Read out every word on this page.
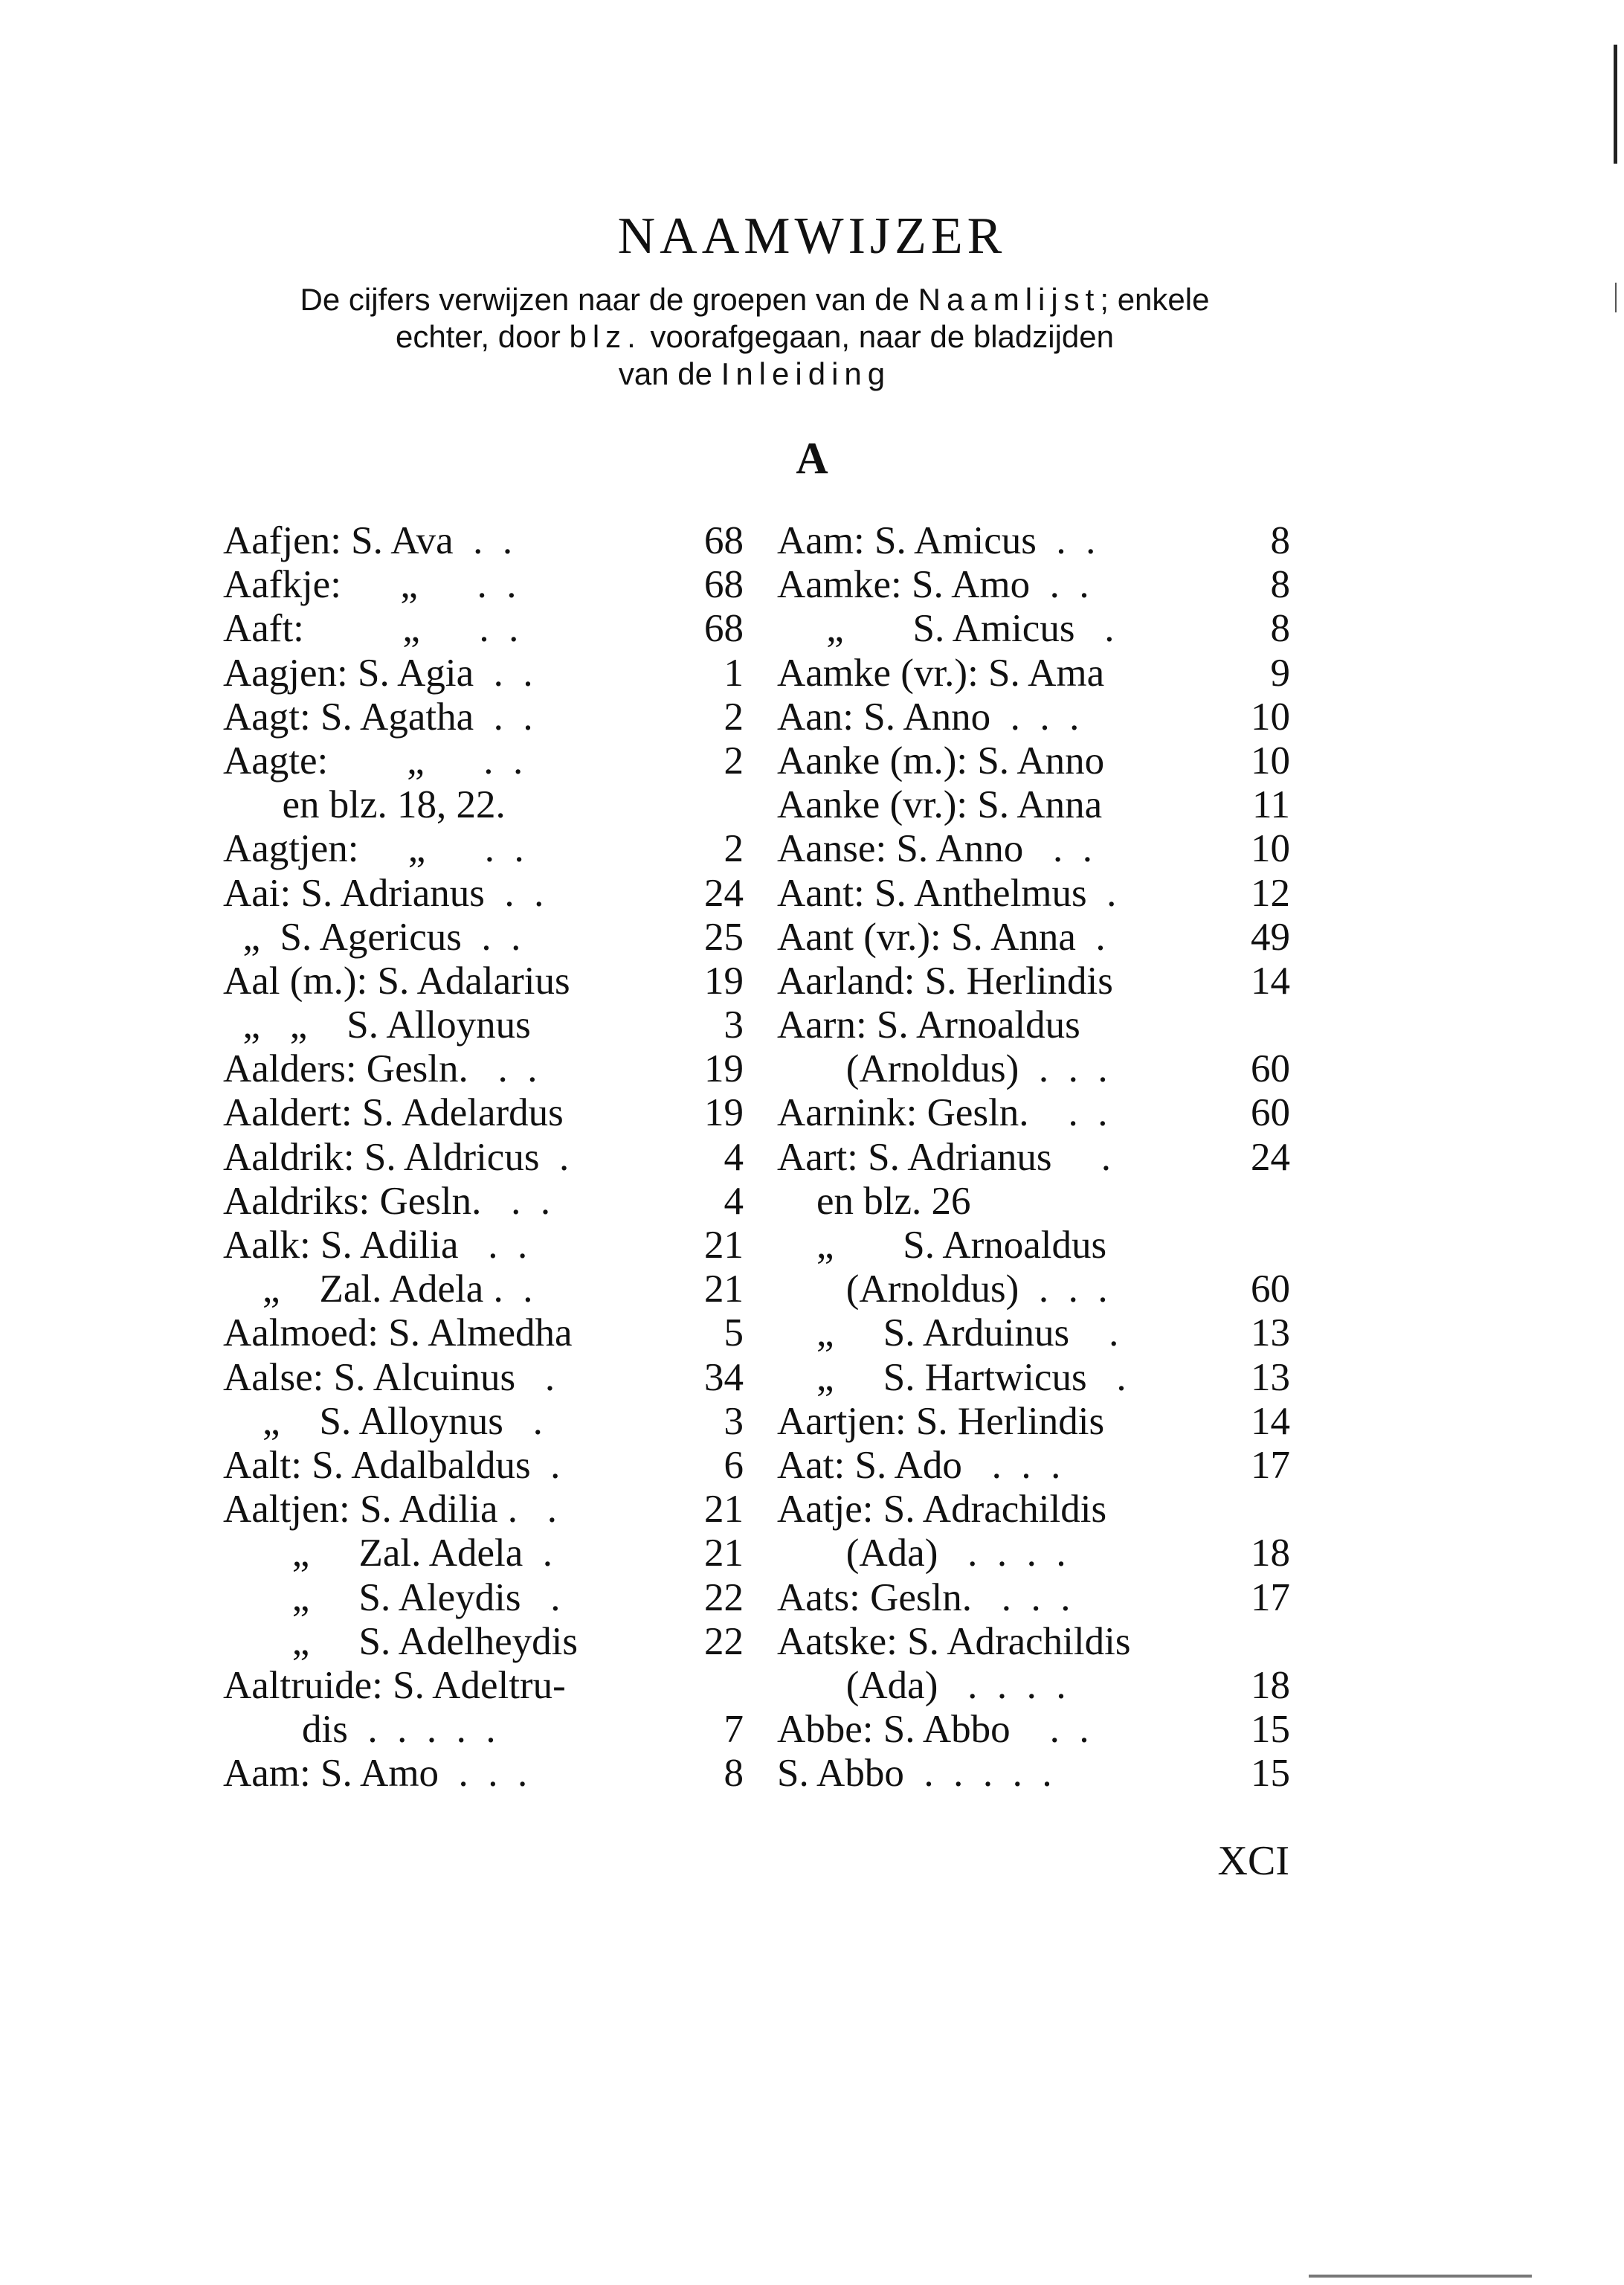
NAAMWIJZER
De cijfers verwijzen naar de groepen van de Naamlijst; enkele
echter, door blz. voorafgegaan, naar de bladzijden
van de Inleiding
A
Aafjen: S. Ava  .  .	68
Aafkje:      „      .  .	68
Aaft:          „      .  .	68
Aagjen: S. Agia  .  .	1
Aagt: S. Agatha  .  .	2
Aagte:        „      .  .	2
en blz. 18, 22.
Aagtjen:     „      .  .	2
Aai: S. Adrianus  .  .	24
„  S. Agericus  .  .	25
Aal (m.): S. Adalarius	19
„   „    S. Alloynus	3
Aalders: Gesln.   .  .	19
Aaldert: S. Adelardus	19
Aaldrik: S. Aldricus  .	4
Aaldriks: Gesln.   .  .	4
Aalk: S. Adilia   .  .	21
„    Zal. Adela .  .	21
Aalmoed: S. Almedha	5
Aalse: S. Alcuinus   .	34
„    S. Alloynus   .	3
Aalt: S. Adalbaldus  .	6
Aaltjen: S. Adilia .   .	21
„     Zal. Adela  .	21
„     S. Aleydis   .	22
„     S. Adelheydis	22
Aaltruide: S. Adeltru-
dis  .  .  .  .  .	7
Aam: S. Amo  .  .  .	8
Aam: S. Amicus  .  .	8
Aamke: S. Amo  .  .	8
„       S. Amicus   .	8
Aamke (vr.): S. Ama	9
Aan: S. Anno  .  .  .	10
Aanke (m.): S. Anno	10
Aanke (vr.): S. Anna	11
Aanse: S. Anno   .  .	10
Aant: S. Anthelmus  .	12
Aant (vr.): S. Anna  .	49
Aarland: S. Herlindis	14
Aarn: S. Arnoaldus
(Arnoldus)  .  .  .	60
Aarnink: Gesln.    .  .	60
Aart: S. Adrianus     .	24
en blz. 26
„       S. Arnoaldus
(Arnoldus)  .  .  .	60
„     S. Arduinus    .	13
„     S. Hartwicus   .	13
Aartjen: S. Herlindis	14
Aat: S. Ado   .  .  .	17
Aatje: S. Adrachildis
(Ada)   .  .  .  .	18
Aats: Gesln.   .  .  .	17
Aatske: S. Adrachildis
(Ada)   .  .  .  .	18
Abbe: S. Abbo    .  .	15
S. Abbo  .  .  .  .  .	15
XCI
